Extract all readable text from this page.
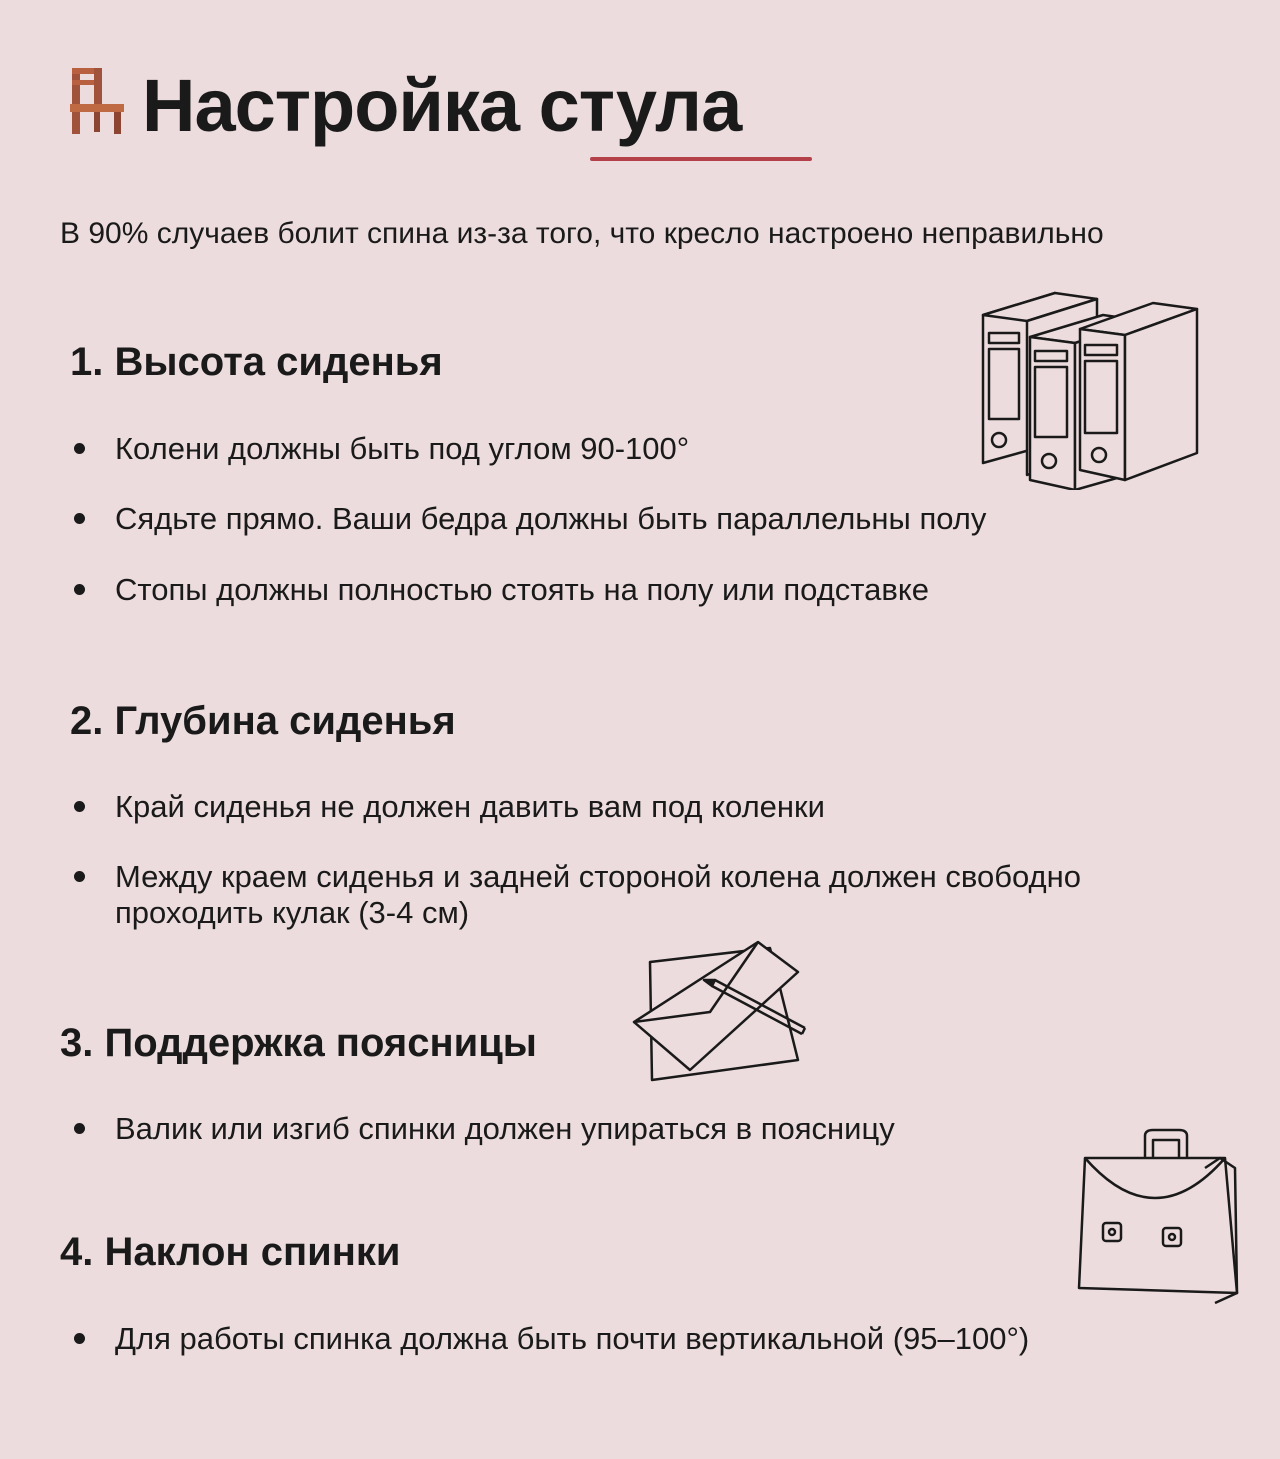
Настройка стула
В 90% случаев болит спина из-за того, что кресло настроено неправильно
1. Высота сиденья
Колени должны быть под углом 90-100°
Сядьте прямо. Ваши бедра должны быть параллельны полу
Стопы должны полностью стоять на полу или подставке
2. Глубина сиденья
Край сиденья не должен давить вам под коленки
Между краем сиденья и задней стороной колена должен свободно
проходить кулак (3-4 см)
3. Поддержка поясницы
Валик или изгиб спинки должен упираться в поясницу
4. Наклон спинки
Для работы спинка должна быть почти вертикальной (95–100°)
